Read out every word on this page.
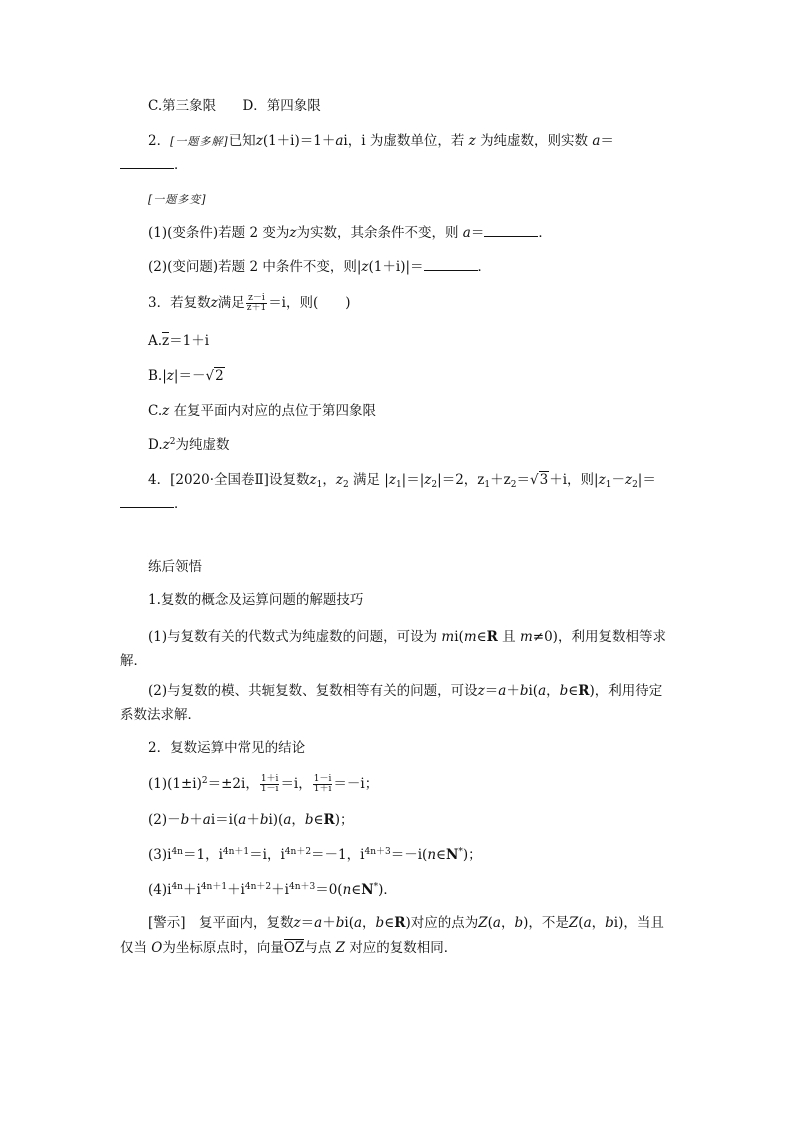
C.第三象限 D．第四象限
2．[一题多解]已知z(1＋i)＝1＋ai，i 为虚数单位，若 z 为纯虚数，则实数 a＝
．
[一题多变]
(1)(变条件)若题 2 变为z为实数，其余条件不变，则 a＝	．
(2)(变问题)若题 2 中条件不变，则|z(1＋i)|＝	．
3．若复数z满足 $\frac{z-i}{z+1} =i$，则(　　)
A.z＝1＋i
B.|z|＝－√2
C.z 在复平面内对应的点位于第四象限
$D.z^2$为纯虚数
4．[2020·全国卷Ⅱ]设复数$z_1$，$z_2$ 满足 $|z_1|=|z_2|=2$，$z_1+z_2=√3+i$，则$|z_1-z_2|=$
．
练后领悟
1.复数的概念及运算问题的解题技巧
(1)与复数有关的代数式为纯虚数的问题，可设为 mi(m∈R 且 m≠0)，利用复数相等求
解．
(2)与复数的模、共轭复数、复数相等有关的问题，可设z＝a＋bi(a，b∈R)，利用待定
系数法求解．
2．复数运算中常见的结论
$(1)(1\pm i)^2=\pm 2i$， $\frac{1+i}{1-i} =i$， $\frac{1-i}{1+i} =-i$；
(2)－b＋ai＝i(a＋bi)(a，b∈R)；
$(3)i^{4n}=1$，$i^{4n+1}=i$，$i^{4n+2}=-1$，$i^{4n+3}=-i(n\in N^*)$；
$(4)i^{4n}+i^{4n+1}+i^{4n+2}+i^{4n+3}=0(n\in N^*)$．
[警示]　 复平面内，复数z＝a＋bi(a，b∈R)对应的点为Z(a，b)，不是Z(a，bi)，当且
仅当 O为坐标原点时，向量OZ与点 Z 对应的复数相同．
